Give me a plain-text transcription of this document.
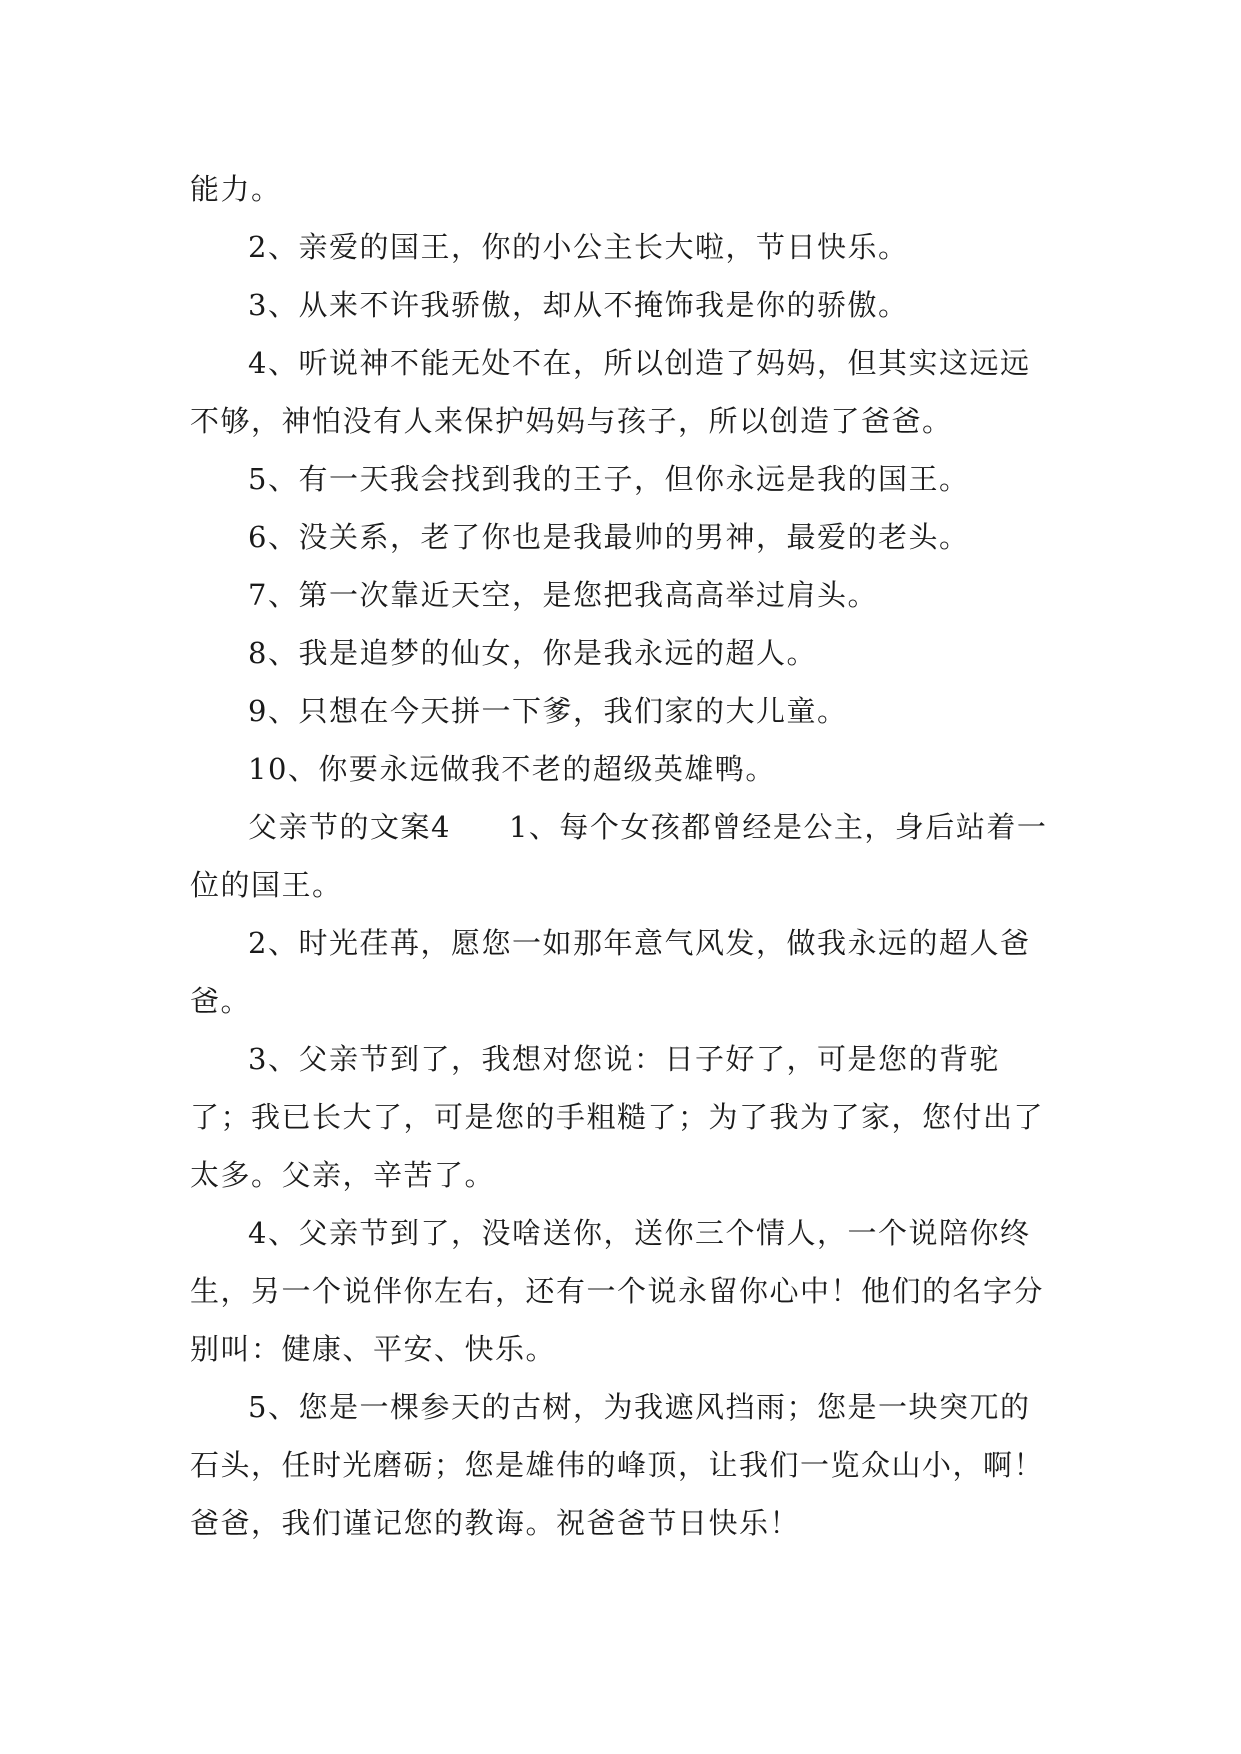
能力。

2、亲爱的国王，你的小公主长大啦，节日快乐。

3、从来不许我骄傲，却从不掩饰我是你的骄傲。

4、听说神不能无处不在，所以创造了妈妈，但其实这远远不够，神怕没有人来保护妈妈与孩子，所以创造了爸爸。

5、有一天我会找到我的王子，但你永远是我的国王。

6、没关系，老了你也是我最帅的男神，最爱的老头。

7、第一次靠近天空，是您把我高高举过肩头。

8、我是追梦的仙女，你是我永远的超人。

9、只想在今天拼一下爹，我们家的大儿童。

10、你要永远做我不老的超级英雄鸭。

父亲节的文案4 1、每个女孩都曾经是公主，身后站着一位的国王。

2、时光荏苒，愿您一如那年意气风发，做我永远的超人爸爸。

3、父亲节到了，我想对您说：日子好了，可是您的背驼了；我已长大了，可是您的手粗糙了；为了我为了家，您付出了太多。父亲，辛苦了。

4、父亲节到了，没啥送你，送你三个情人，一个说陪你终生，另一个说伴你左右，还有一个说永留你心中！他们的名字分别叫：健康、平安、快乐。

5、您是一棵参天的古树，为我遮风挡雨；您是一块突兀的石头，任时光磨砺；您是雄伟的峰顶，让我们一览众山小，啊！爸爸，我们谨记您的教诲。祝爸爸节日快乐！
